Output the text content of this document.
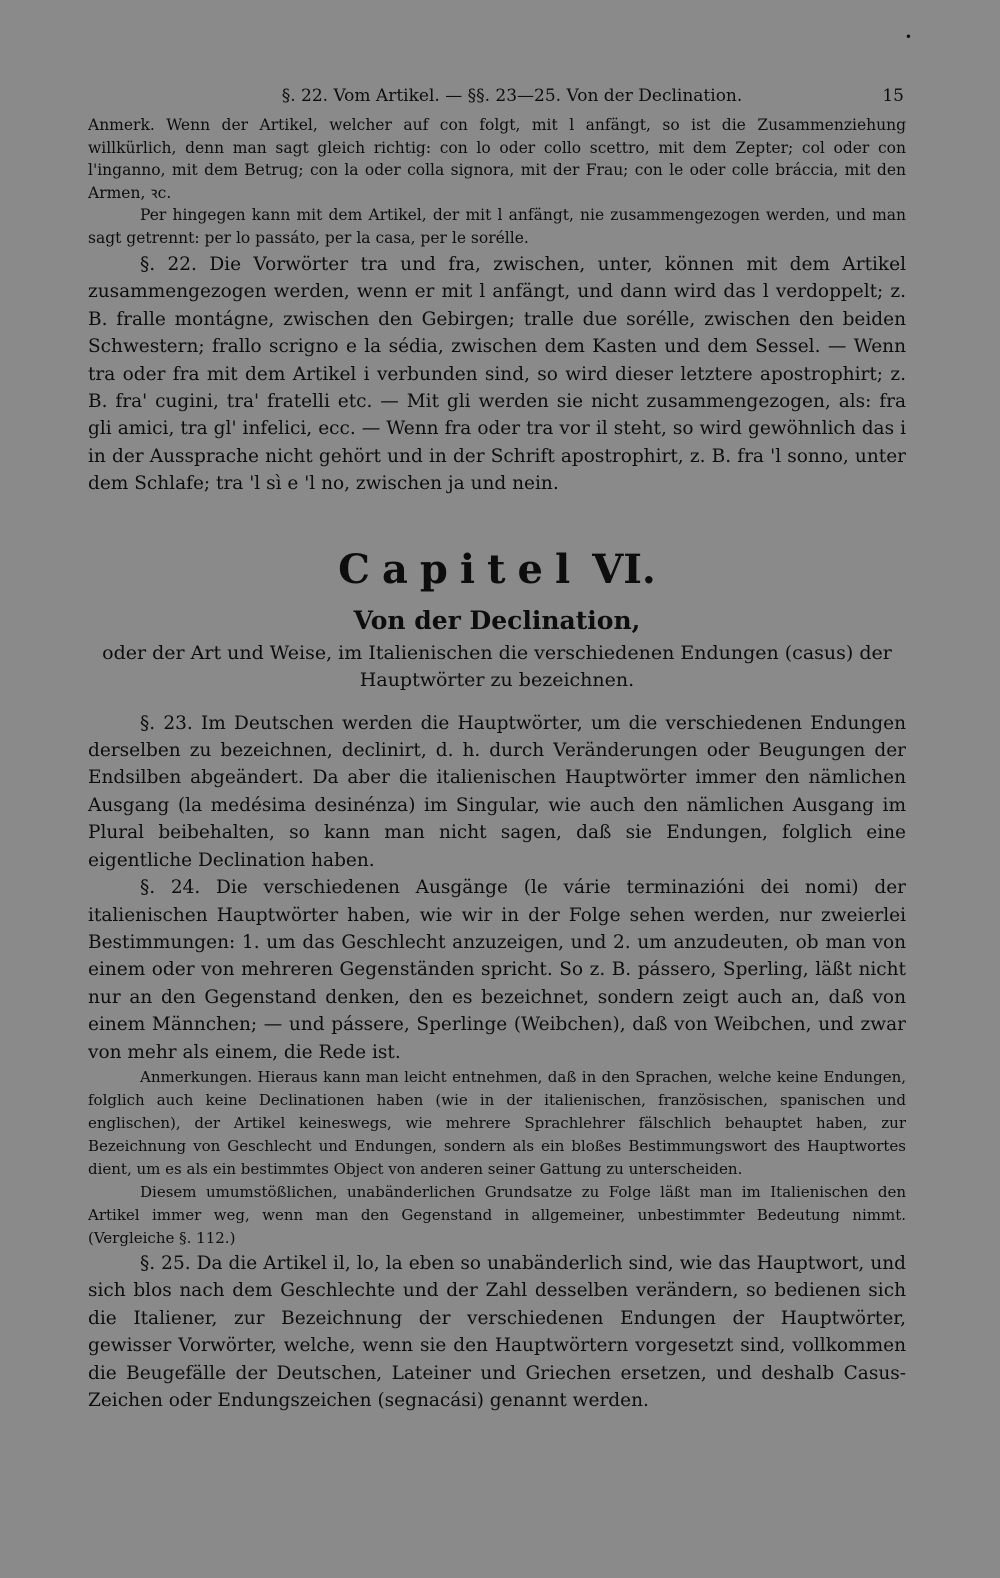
•
§. 22. Vom Artikel. — §§. 23—25. Von der Declination.	15

Anmerk. Wenn der Artikel, welcher auf con folgt, mit l anfängt, so ist die Zusammenziehung willkürlich, denn man sagt gleich richtig: con lo oder collo scettro, mit dem Zepter; col oder con l'inganno, mit dem Betrug; con la oder colla signora, mit der Frau; con le oder colle bráccia, mit den Armen, ꝛc.

Per hingegen kann mit dem Artikel, der mit l anfängt, nie zusammengezogen werden, und man sagt getrennt: per lo passáto, per la casa, per le sorélle.

§. 22. Die Vorwörter tra und fra, zwischen, unter, können mit dem Artikel zusammengezogen werden, wenn er mit l anfängt, und dann wird das l verdoppelt; z. B. fralle montágne, zwischen den Gebirgen; tralle due sorélle, zwischen den beiden Schwestern; frallo scrigno e la sédia, zwischen dem Kasten und dem Sessel. — Wenn tra oder fra mit dem Artikel i verbunden sind, so wird dieser letztere apostrophirt; z. B. fra' cugini, tra' fratelli etc. — Mit gli werden sie nicht zusammengezogen, als: fra gli amici, tra gl' infelici, ecc. — Wenn fra oder tra vor il steht, so wird gewöhnlich das i in der Aussprache nicht gehört und in der Schrift apostrophirt, z. B. fra 'l sonno, unter dem Schlafe; tra 'l sì e 'l no, zwischen ja und nein.

Capitel VI.
Von der Declination,
oder der Art und Weise, im Italienischen die verschiedenen Endungen (casus) der Hauptwörter zu bezeichnen.

§. 23. Im Deutschen werden die Hauptwörter, um die verschiedenen Endungen derselben zu bezeichnen, declinirt, d. h. durch Veränderungen oder Beugungen der Endsilben abgeändert. Da aber die italienischen Hauptwörter immer den nämlichen Ausgang (la medésima desinénza) im Singular, wie auch den nämlichen Ausgang im Plural beibehalten, so kann man nicht sagen, daß sie Endungen, folglich eine eigentliche Declination haben.

§. 24. Die verschiedenen Ausgänge (le várie terminazióni dei nomi) der italienischen Hauptwörter haben, wie wir in der Folge sehen werden, nur zweierlei Bestimmungen: 1. um das Geschlecht anzuzeigen, und 2. um anzudeuten, ob man von einem oder von mehreren Gegenständen spricht. So z. B. pássero, Sperling, läßt nicht nur an den Gegenstand denken, den es bezeichnet, sondern zeigt auch an, daß von einem Männchen; — und pássere, Sperlinge (Weibchen), daß von Weibchen, und zwar von mehr als einem, die Rede ist.

Anmerkungen. Hieraus kann man leicht entnehmen, daß in den Sprachen, welche keine Endungen, folglich auch keine Declinationen haben (wie in der italienischen, französischen, spanischen und englischen), der Artikel keineswegs, wie mehrere Sprachlehrer fälschlich behauptet haben, zur Bezeichnung von Geschlecht und Endungen, sondern als ein bloßes Bestimmungswort des Hauptwortes dient, um es als ein bestimmtes Object von anderen seiner Gattung zu unterscheiden.

Diesem umumstößlichen, unabänderlichen Grundsatze zu Folge läßt man im Italienischen den Artikel immer weg, wenn man den Gegenstand in allgemeiner, unbestimmter Bedeutung nimmt. (Vergleiche §. 112.)

§. 25. Da die Artikel il, lo, la eben so unabänderlich sind, wie das Hauptwort, und sich blos nach dem Geschlechte und der Zahl desselben verändern, so bedienen sich die Italiener, zur Bezeichnung der verschiedenen Endungen der Hauptwörter, gewisser Vorwörter, welche, wenn sie den Hauptwörtern vorgesetzt sind, vollkommen die Beugefälle der Deutschen, Lateiner und Griechen ersetzen, und deshalb Casus-Zeichen oder Endungszeichen (segnacási) genannt werden.
